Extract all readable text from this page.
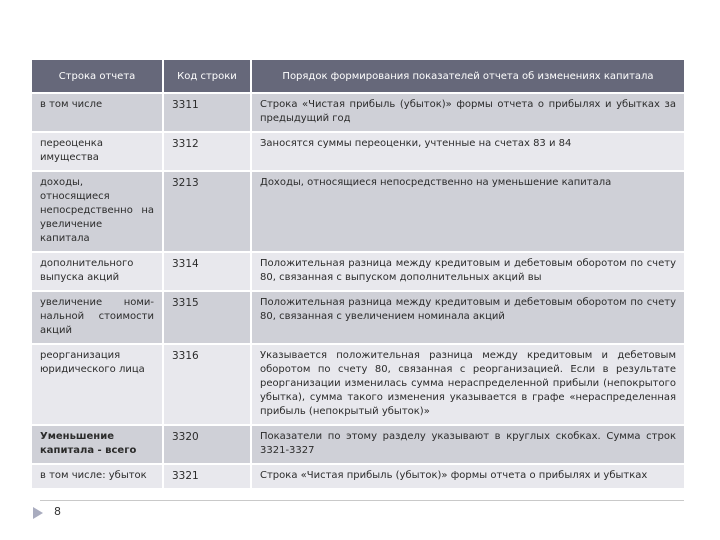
Строка отчета	Код строки	Порядок формирования показателей отчета об изменениях капитала
в том числе	3311	Строка «Чистая прибыль (убыток)» формы отчета о прибылях и убытках за предыдущий год
переоценка имущества	3312	Заносятся суммы переоценки, учтенные на счетах 83 и 84
доходы, относящиеся непосредственно на увеличение капитала	3213	Доходы, относящиеся непосредственно на уменьшение капитала
дополнительного выпуска акций	3314	Положительная разница между кредитовым и дебетовым оборотом по счету 80, связанная с выпуском дополнительных акций вы
увеличение номи-нальной стоимости акций	3315	Положительная разница между кредитовым и дебетовым оборотом по счету 80, связанная с увеличением номинала акций
реорганизация юридического лица	3316	Указывается положительная разница между кредитовым и дебетовым оборотом по счету 80, связанная с реорганизацией. Если в результате реорганизации изменилась сумма нераспределенной прибыли (непокрытого убытка), сумма такого изменения указывается в графе «нераспределенная прибыль (непокрытый убыток)»
Уменьшение капитала - всего	3320	Показатели по этому разделу указывают в круглых скобках. Сумма строк 3321-3327
в том числе: убыток	3321	Строка «Чистая прибыль (убыток)» формы отчета о прибылях и убытках
8
